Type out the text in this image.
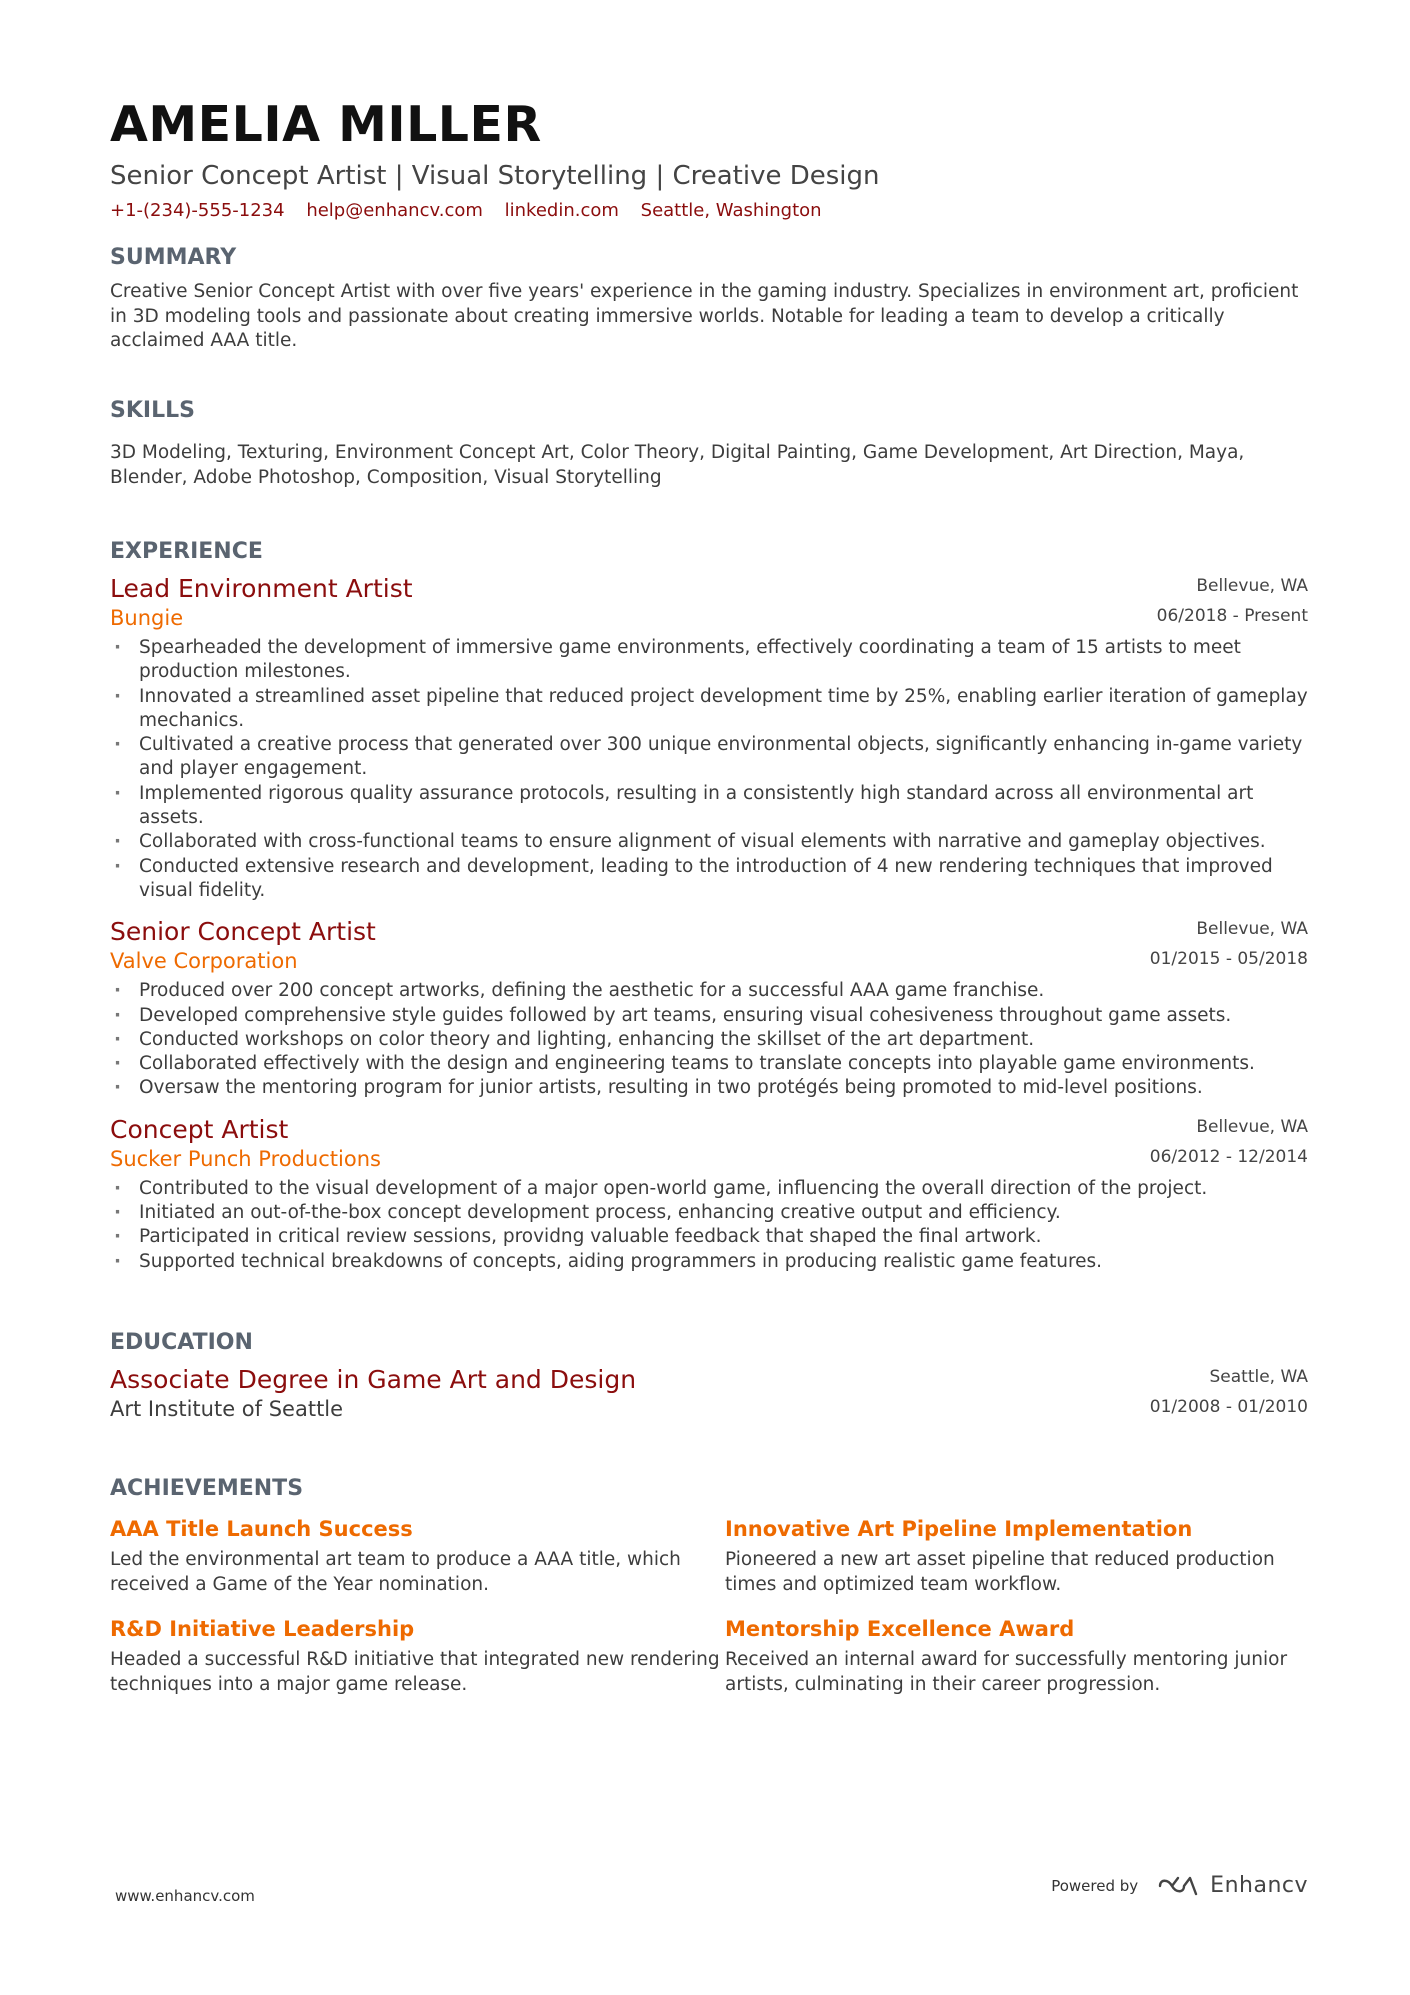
AMELIA MILLER
Senior Concept Artist | Visual Storytelling | Creative Design
+1-(234)-555-1234 help@enhancv.com linkedin.com Seattle, Washington
SUMMARY
Creative Senior Concept Artist with over five years' experience in the gaming industry. Specializes in environment art, proficient in 3D modeling tools and passionate about creating immersive worlds. Notable for leading a team to develop a critically acclaimed AAA title.
SKILLS
3D Modeling, Texturing, Environment Concept Art, Color Theory, Digital Painting, Game Development, Art Direction, Maya, Blender, Adobe Photoshop, Composition, Visual Storytelling
EXPERIENCE
Lead Environment Artist
Bungie
Bellevue, WA
06/2018 - Present
· Spearheaded the development of immersive game environments, effectively coordinating a team of 15 artists to meet production milestones.
· Innovated a streamlined asset pipeline that reduced project development time by 25%, enabling earlier iteration of gameplay mechanics.
· Cultivated a creative process that generated over 300 unique environmental objects, significantly enhancing in-game variety and player engagement.
· Implemented rigorous quality assurance protocols, resulting in a consistently high standard across all environmental art assets.
· Collaborated with cross-functional teams to ensure alignment of visual elements with narrative and gameplay objectives.
· Conducted extensive research and development, leading to the introduction of 4 new rendering techniques that improved visual fidelity.
Senior Concept Artist
Valve Corporation
Bellevue, WA
01/2015 - 05/2018
· Produced over 200 concept artworks, defining the aesthetic for a successful AAA game franchise.
· Developed comprehensive style guides followed by art teams, ensuring visual cohesiveness throughout game assets.
· Conducted workshops on color theory and lighting, enhancing the skillset of the art department.
· Collaborated effectively with the design and engineering teams to translate concepts into playable game environments.
· Oversaw the mentoring program for junior artists, resulting in two protégés being promoted to mid-level positions.
Concept Artist
Sucker Punch Productions
Bellevue, WA
06/2012 - 12/2014
· Contributed to the visual development of a major open-world game, influencing the overall direction of the project.
· Initiated an out-of-the-box concept development process, enhancing creative output and efficiency.
· Participated in critical review sessions, providng valuable feedback that shaped the final artwork.
· Supported technical breakdowns of concepts, aiding programmers in producing realistic game features.
EDUCATION
Associate Degree in Game Art and Design
Art Institute of Seattle
Seattle, WA
01/2008 - 01/2010
ACHIEVEMENTS
AAA Title Launch Success
Led the environmental art team to produce a AAA title, which received a Game of the Year nomination.
Innovative Art Pipeline Implementation
Pioneered a new art asset pipeline that reduced production times and optimized team workflow.
R&D Initiative Leadership
Headed a successful R&D initiative that integrated new rendering techniques into a major game release.
Mentorship Excellence Award
Received an internal award for successfully mentoring junior artists, culminating in their career progression.
www.enhancv.com
Powered by	Enhancv
